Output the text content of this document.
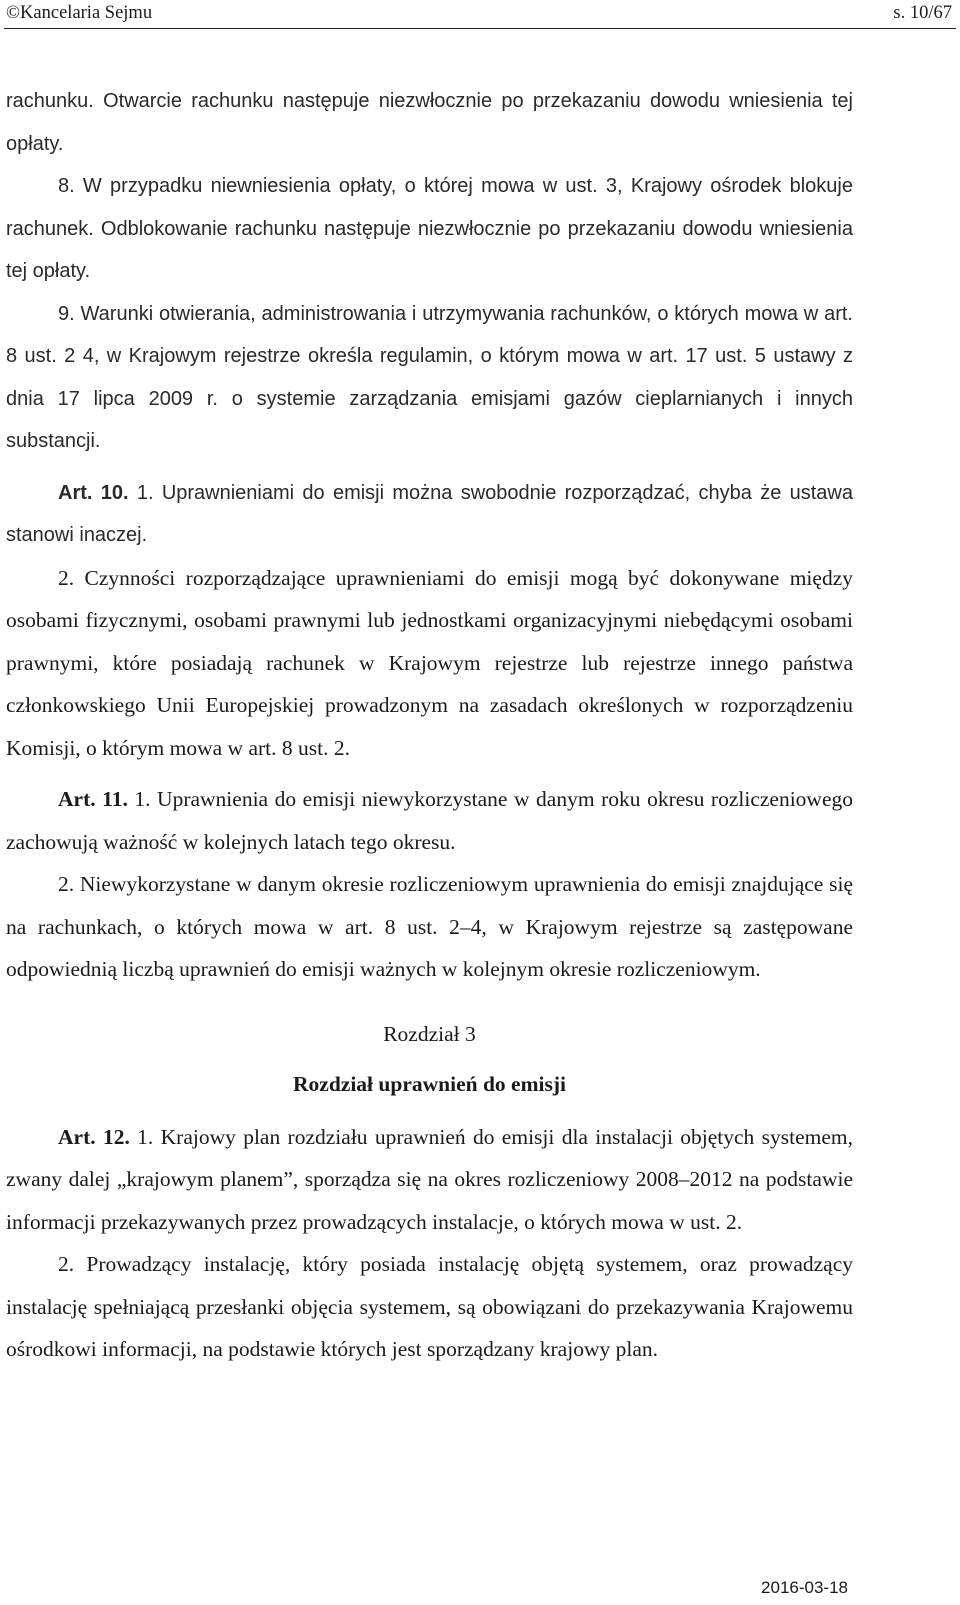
©Kancelaria Sejmu	s. 10/67

rachunku. Otwarcie rachunku następuje niezwłocznie po przekazaniu dowodu wniesienia tej opłaty.

8. W przypadku niewniesienia opłaty, o której mowa w ust. 3, Krajowy ośrodek blokuje rachunek. Odblokowanie rachunku następuje niezwłocznie po przekazaniu dowodu wniesienia tej opłaty.

9. Warunki otwierania, administrowania i utrzymywania rachunków, o których mowa w art. 8 ust. 2 4, w Krajowym rejestrze określa regulamin, o którym mowa w art. 17 ust. 5 ustawy z dnia 17 lipca 2009 r. o systemie zarządzania emisjami gazów cieplarnianych i innych substancji.

Art. 10. 1. Uprawnieniami do emisji można swobodnie rozporządzać, chyba że ustawa stanowi inaczej.

2. Czynności rozporządzające uprawnieniami do emisji mogą być dokonywane między osobami fizycznymi, osobami prawnymi lub jednostkami organizacyjnymi niebędącymi osobami prawnymi, które posiadają rachunek w Krajowym rejestrze lub rejestrze innego państwa członkowskiego Unii Europejskiej prowadzonym na zasadach określonych w rozporządzeniu Komisji, o którym mowa w art. 8 ust. 2.

Art. 11. 1. Uprawnienia do emisji niewykorzystane w danym roku okresu rozliczeniowego zachowują ważność w kolejnych latach tego okresu.

2. Niewykorzystane w danym okresie rozliczeniowym uprawnienia do emisji znajdujące się na rachunkach, o których mowa w art. 8 ust. 2–4, w Krajowym rejestrze są zastępowane odpowiednią liczbą uprawnień do emisji ważnych w kolejnym okresie rozliczeniowym.

Rozdział 3
Rozdział uprawnień do emisji

Art. 12. 1. Krajowy plan rozdziału uprawnień do emisji dla instalacji objętych systemem, zwany dalej „krajowym planem”, sporządza się na okres rozliczeniowy 2008–2012 na podstawie informacji przekazywanych przez prowadzących instalacje, o których mowa w ust. 2.

2. Prowadzący instalację, który posiada instalację objętą systemem, oraz prowadzący instalację spełniającą przesłanki objęcia systemem, są obowiązani do przekazywania Krajowemu ośrodkowi informacji, na podstawie których jest sporządzany krajowy plan.

2016-03-18
